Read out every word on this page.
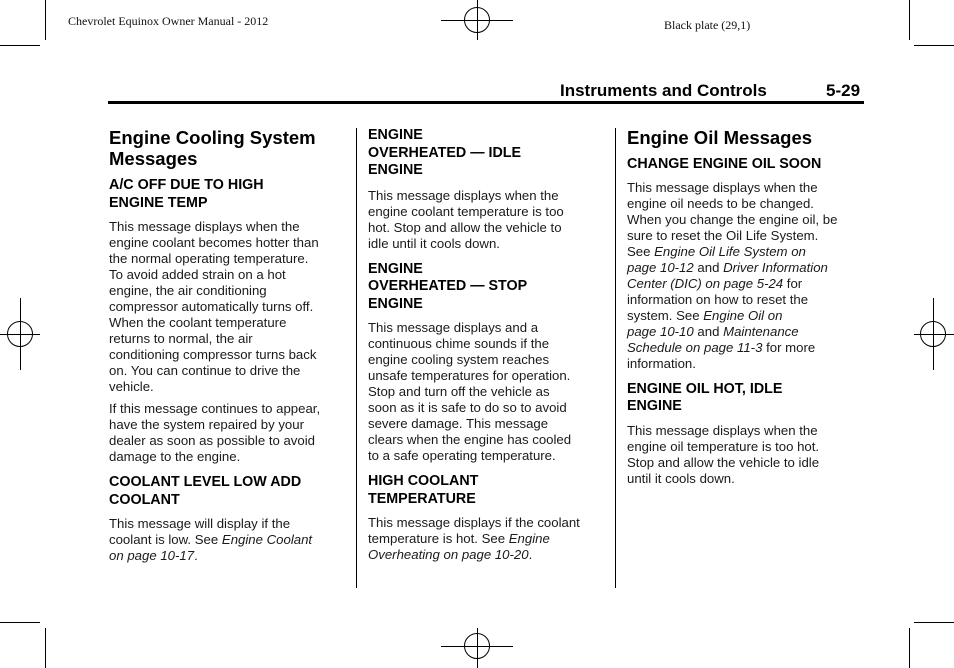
Chevrolet Equinox Owner Manual - 2012	Black plate (29,1)
Instruments and Controls	5-29
Engine Cooling System
Messages
A/C OFF DUE TO HIGH
ENGINE TEMP

This message displays when the
engine coolant becomes hotter than
the normal operating temperature.
To avoid added strain on a hot
engine, the air conditioning
compressor automatically turns off.
When the coolant temperature
returns to normal, the air
conditioning compressor turns back
on. You can continue to drive the
vehicle.

If this message continues to appear,
have the system repaired by your
dealer as soon as possible to avoid
damage to the engine.

COOLANT LEVEL LOW ADD
COOLANT

This message will display if the
coolant is low. See Engine Coolant
on page 10-17.

ENGINE
OVERHEATED — IDLE
ENGINE

This message displays when the
engine coolant temperature is too
hot. Stop and allow the vehicle to
idle until it cools down.

ENGINE
OVERHEATED — STOP
ENGINE

This message displays and a
continuous chime sounds if the
engine cooling system reaches
unsafe temperatures for operation.
Stop and turn off the vehicle as
soon as it is safe to do so to avoid
severe damage. This message
clears when the engine has cooled
to a safe operating temperature.

HIGH COOLANT
TEMPERATURE

This message displays if the coolant
temperature is hot. See Engine
Overheating on page 10-20.

Engine Oil Messages
CHANGE ENGINE OIL SOON

This message displays when the
engine oil needs to be changed.
When you change the engine oil, be
sure to reset the Oil Life System.
See Engine Oil Life System on
page 10-12 and Driver Information
Center (DIC) on page 5-24 for
information on how to reset the
system. See Engine Oil on
page 10-10 and Maintenance
Schedule on page 11-3 for more
information.

ENGINE OIL HOT, IDLE
ENGINE

This message displays when the
engine oil temperature is too hot.
Stop and allow the vehicle to idle
until it cools down.
